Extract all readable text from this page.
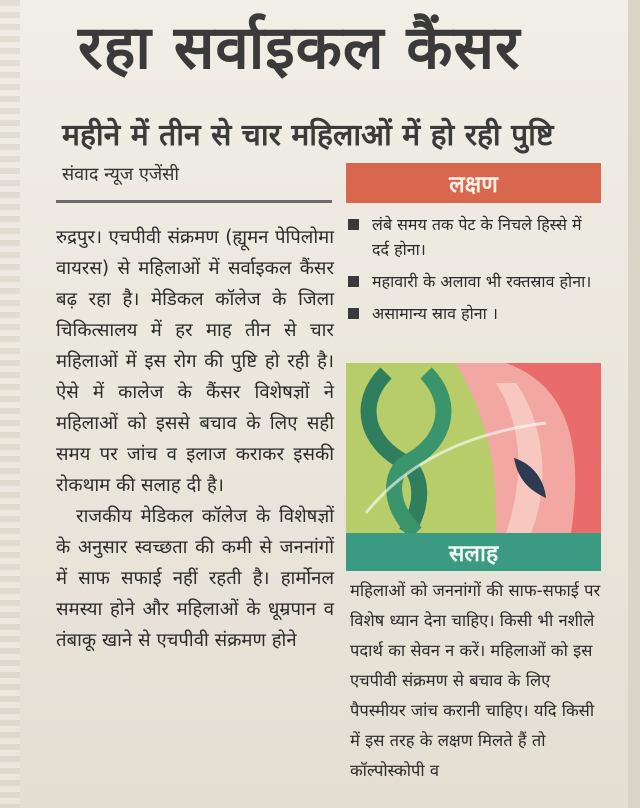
रहा सर्वाइकल कैंसर
महीने में तीन से चार महिलाओं में हो रही पुष्टि
संवाद न्यूज एजेंसी

रुद्रपुर। एचपीवी संक्रमण (ह्यूमन पेपिलोमा वायरस) से महिलाओं में सर्वाइकल कैंसर बढ़ रहा है। मेडिकल कॉलेज के जिला चिकित्सालय में हर माह तीन से चार महिलाओं में इस रोग की पुष्टि हो रही है। ऐसे में कालेज के कैंसर विशेषज्ञों ने महिलाओं को इससे बचाव के लिए सही समय पर जांच व इलाज कराकर इसकी रोकथाम की सलाह दी है।

राजकीय मेडिकल कॉलेज के विशेषज्ञों के अनुसार स्वच्छता की कमी से जननांगों में साफ सफाई नहीं रहती है। हार्मोनल समस्या होने और महिलाओं के धूम्रपान व तंबाकू खाने से एचपीवी संक्रमण होने

लक्षण
लंबे समय तक पेट के निचले हिस्से में दर्द होना।
महावारी के अलावा भी रक्तस्राव होना।
असामान्य स्राव होना ।
सलाह
महिलाओं को जननांगों की साफ-सफाई पर विशेष ध्यान देना चाहिए। किसी भी नशीले पदार्थ का सेवन न करें। महिलाओं को इस एचपीवी संक्रमण से बचाव के लिए पैपस्मीयर जांच करानी चाहिए। यदि किसी में इस तरह के लक्षण मिलते हैं तो कॉल्पोस्कोपी व
